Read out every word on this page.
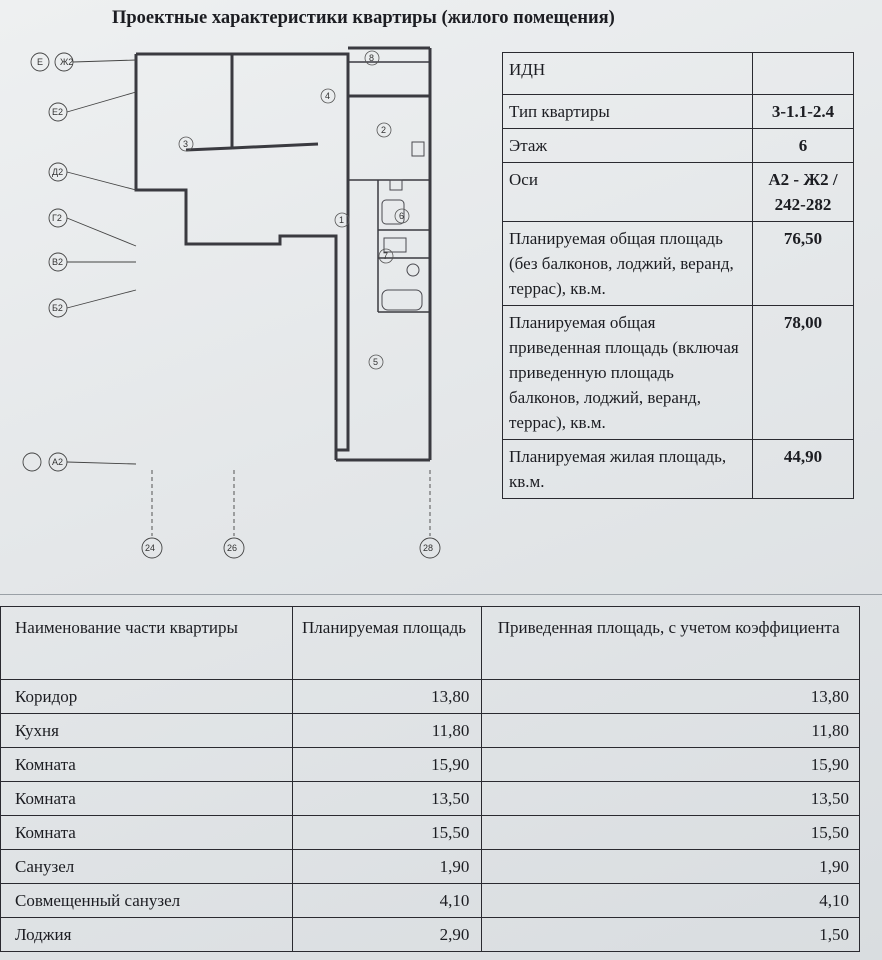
Проектные характеристики квартиры (жилого помещения)
1
2
3
4
5
6
7
8
Е Ж2
Е2
Д2
Г2
В2
Б2
А2
24	26	28
ИДН	
Тип квартиры	3-1.1-2.4
Этаж	6
Оси	А2 - Ж2 / 242-282
Планируемая общая площадь (без балконов, лоджий, веранд, террас), кв.м.	76,50
Планируемая общая приведенная площадь (включая приведенную площадь балконов, лоджий, веранд, террас), кв.м.	78,00
Планируемая жилая площадь, кв.м.	44,90
Наименование части квартиры	Планируемая площадь	Приведенная площадь, с учетом коэффициента
Коридор	13,80	13,80
Кухня	11,80	11,80
Комната	15,90	15,90
Комната	13,50	13,50
Комната	15,50	15,50
Санузел	1,90	1,90
Совмещенный санузел	4,10	4,10
Лоджия	2,90	1,50
